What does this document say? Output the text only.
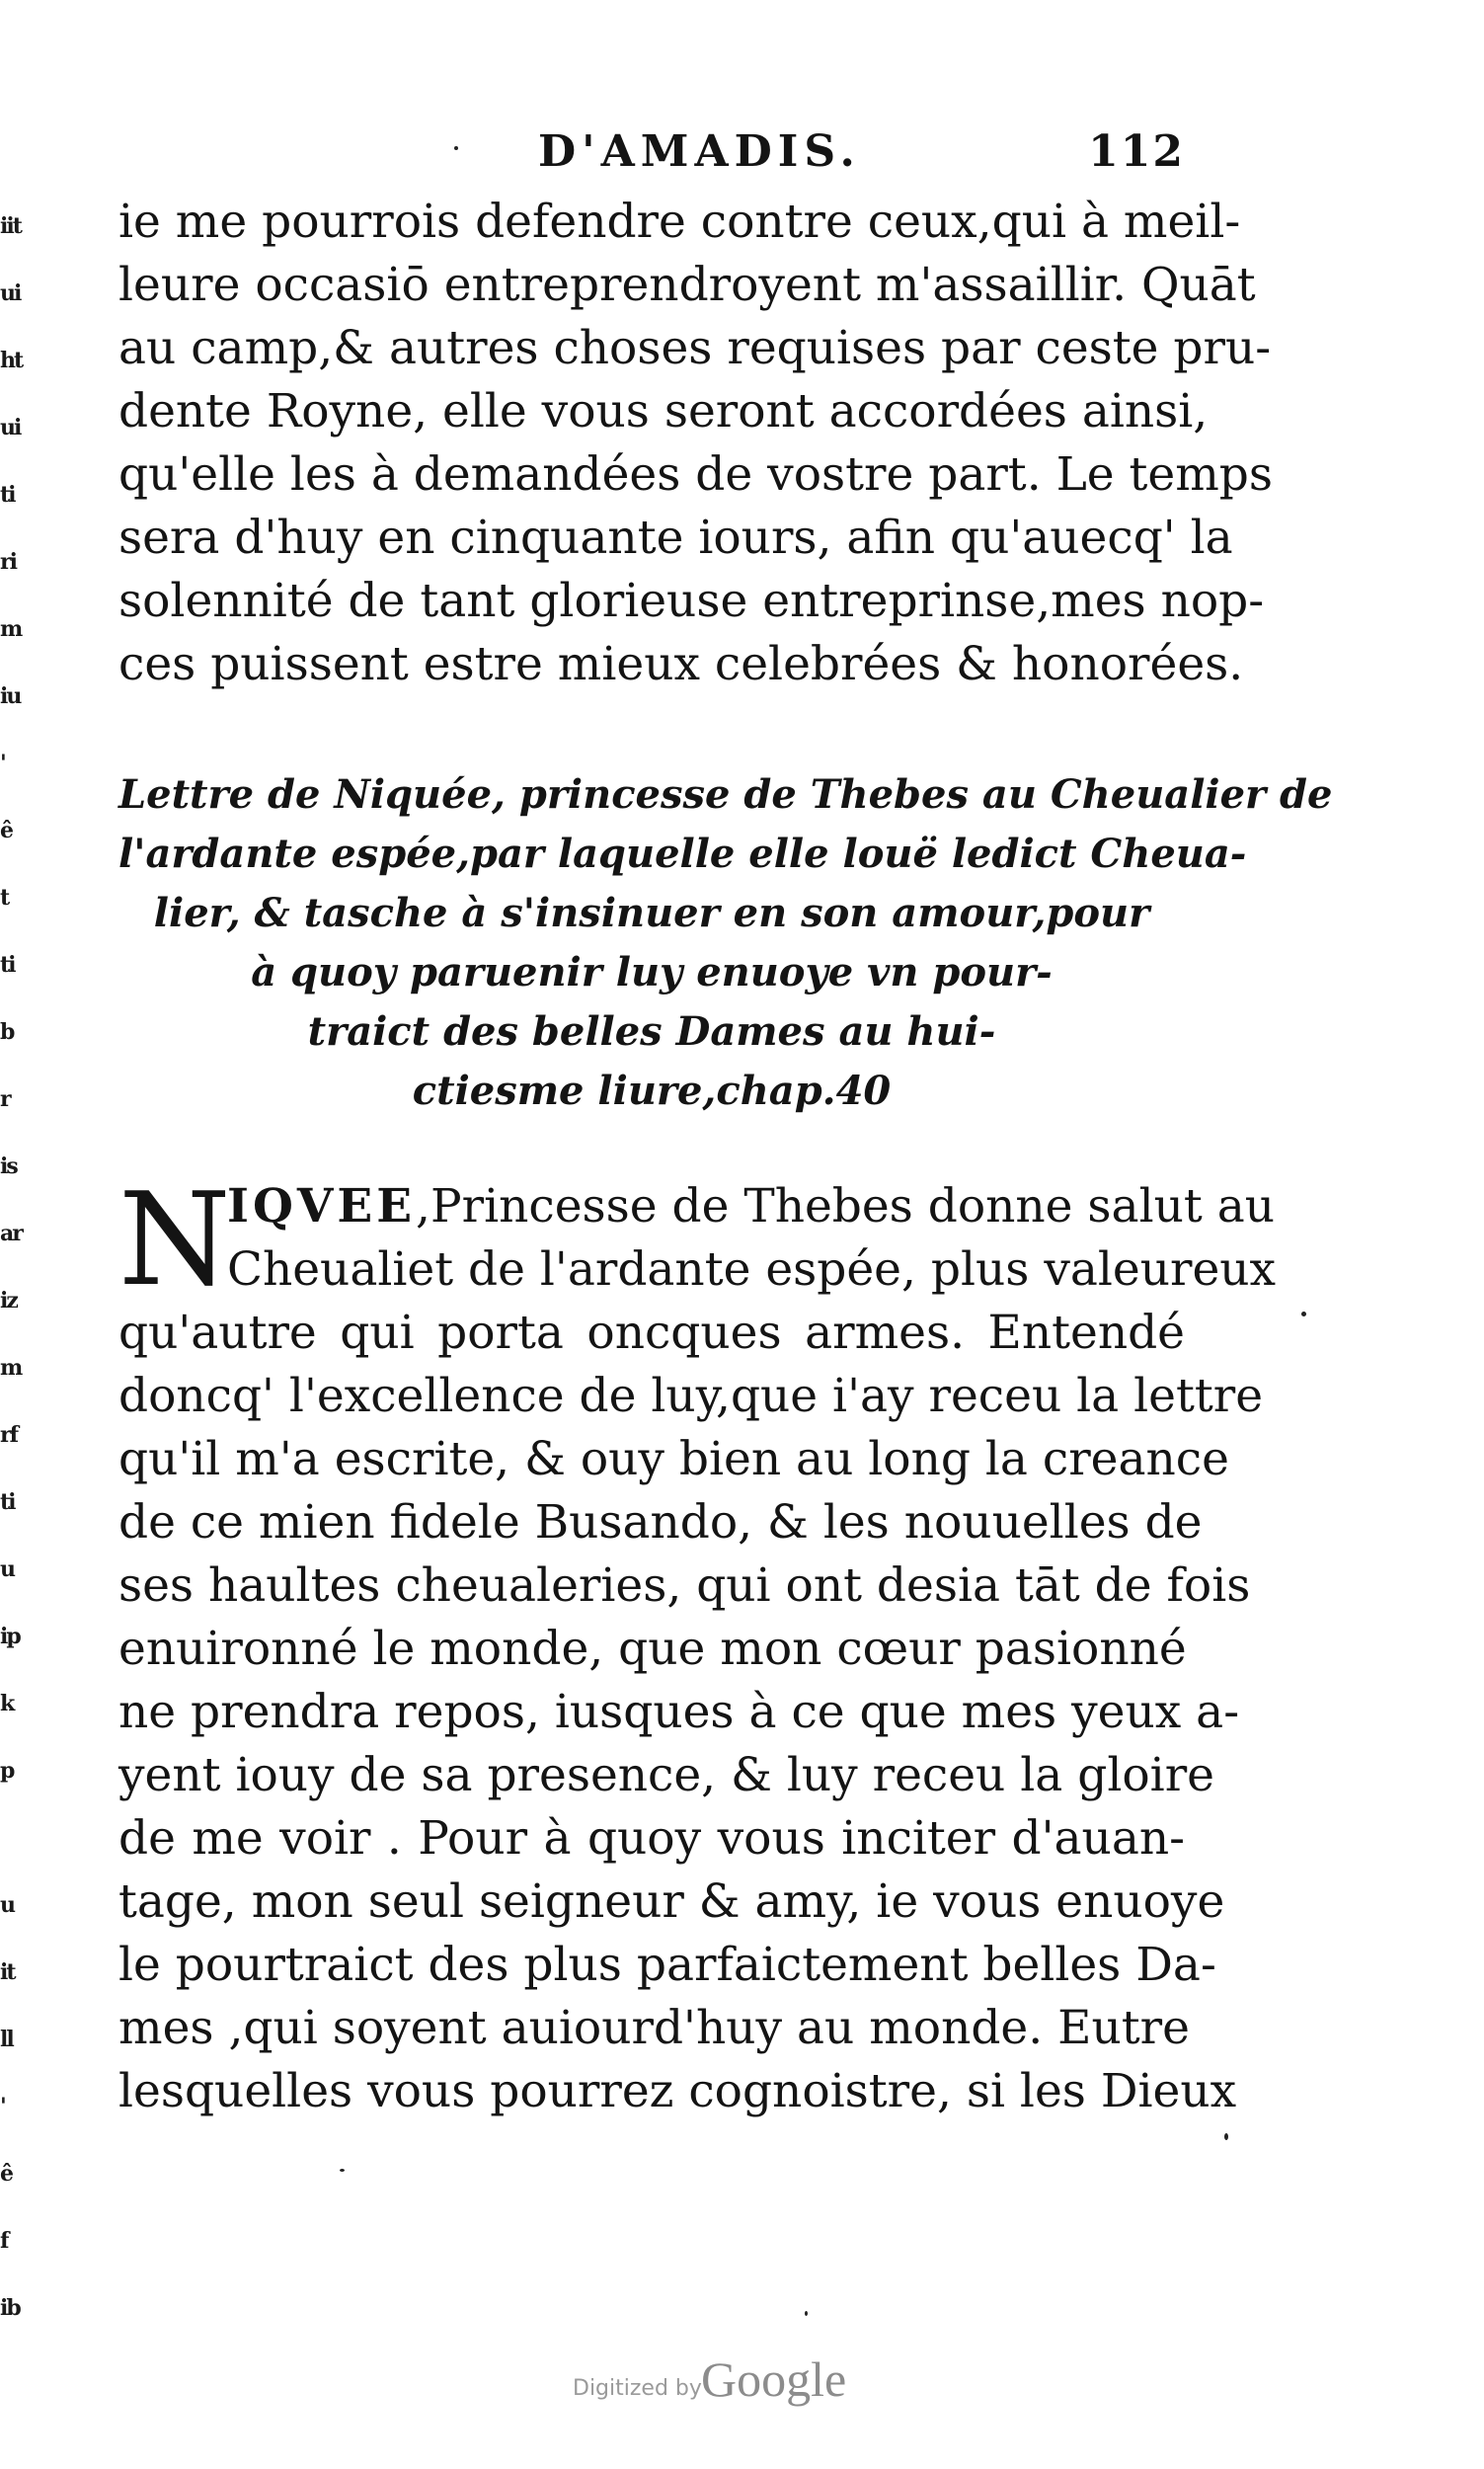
iit
ui
ht
ui
ti
ri
m
iu
'
ê
t
ti
b
r
is
ar
iz
m
rf
ti
u
ip
k
p
u
it
ll
'
ê
f
ib
D'AMADIS.	112
ie me pourrois defendre contre ceux,qui à meil-
leure occasiō entreprendroyent m'assaillir. Quāt
au camp,& autres choses requises par ceste pru-
dente Royne, elle vous seront accordées ainsi,
qu'elle les à demandées de vostre part. Le temps
sera d'huy en cinquante iours, afin qu'auecq' la
solennité de tant glorieuse entreprinse,mes nop-
ces puissent estre mieux celebrées & honorées.
Lettre de Niquée, princesse de Thebes au Cheualier de
l'ardante espée,par laquelle elle louë ledict Cheua-
lier, & tasche à s'insinuer en son amour,pour
à quoy paruenir luy enuoye vn pour-
traict des belles Dames au hui-
ctiesme liure,chap.40
N
IQVEE,Princesse de Thebes donne salut au
Cheualiet de l'ardante espée, plus valeureux
qu'autre qui porta oncques armes. Entendé
doncq' l'excellence de luy,que i'ay receu la lettre
qu'il m'a escrite, & ouy bien au long la creance
de ce mien fidele Busando, & les nouuelles de
ses haultes cheualeries, qui ont desia tāt de fois
enuironné le monde, que mon cœur pasionné
ne prendra repos, iusques à ce que mes yeux a-
yent iouy de sa presence, & luy receu la gloire
de me voir . Pour à quoy vous inciter d'auan-
tage, mon seul seigneur & amy, ie vous enuoye
le pourtraict des plus parfaictement belles Da-
mes ,qui soyent auiourd'huy au monde. Eutre
lesquelles vous pourrez cognoistre, si les Dieux
Digitized by Google
